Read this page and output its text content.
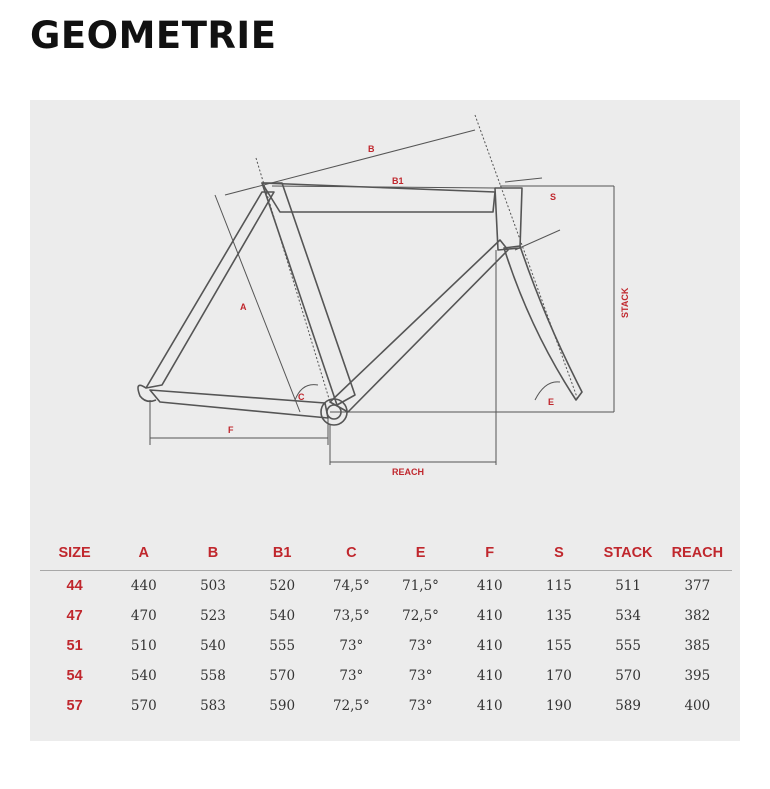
GEOMETRIE
B
B1
S
A
C	E
F
REACH
STACK
SIZE	A	B	B1	C	E	F	S	STACK	REACH
44	440	503	520	74,5°	71,5°	410	115	511	377
47	470	523	540	73,5°	72,5°	410	135	534	382
51	510	540	555	73°	73°	410	155	555	385
54	540	558	570	73°	73°	410	170	570	395
57	570	583	590	72,5°	73°	410	190	589	400
